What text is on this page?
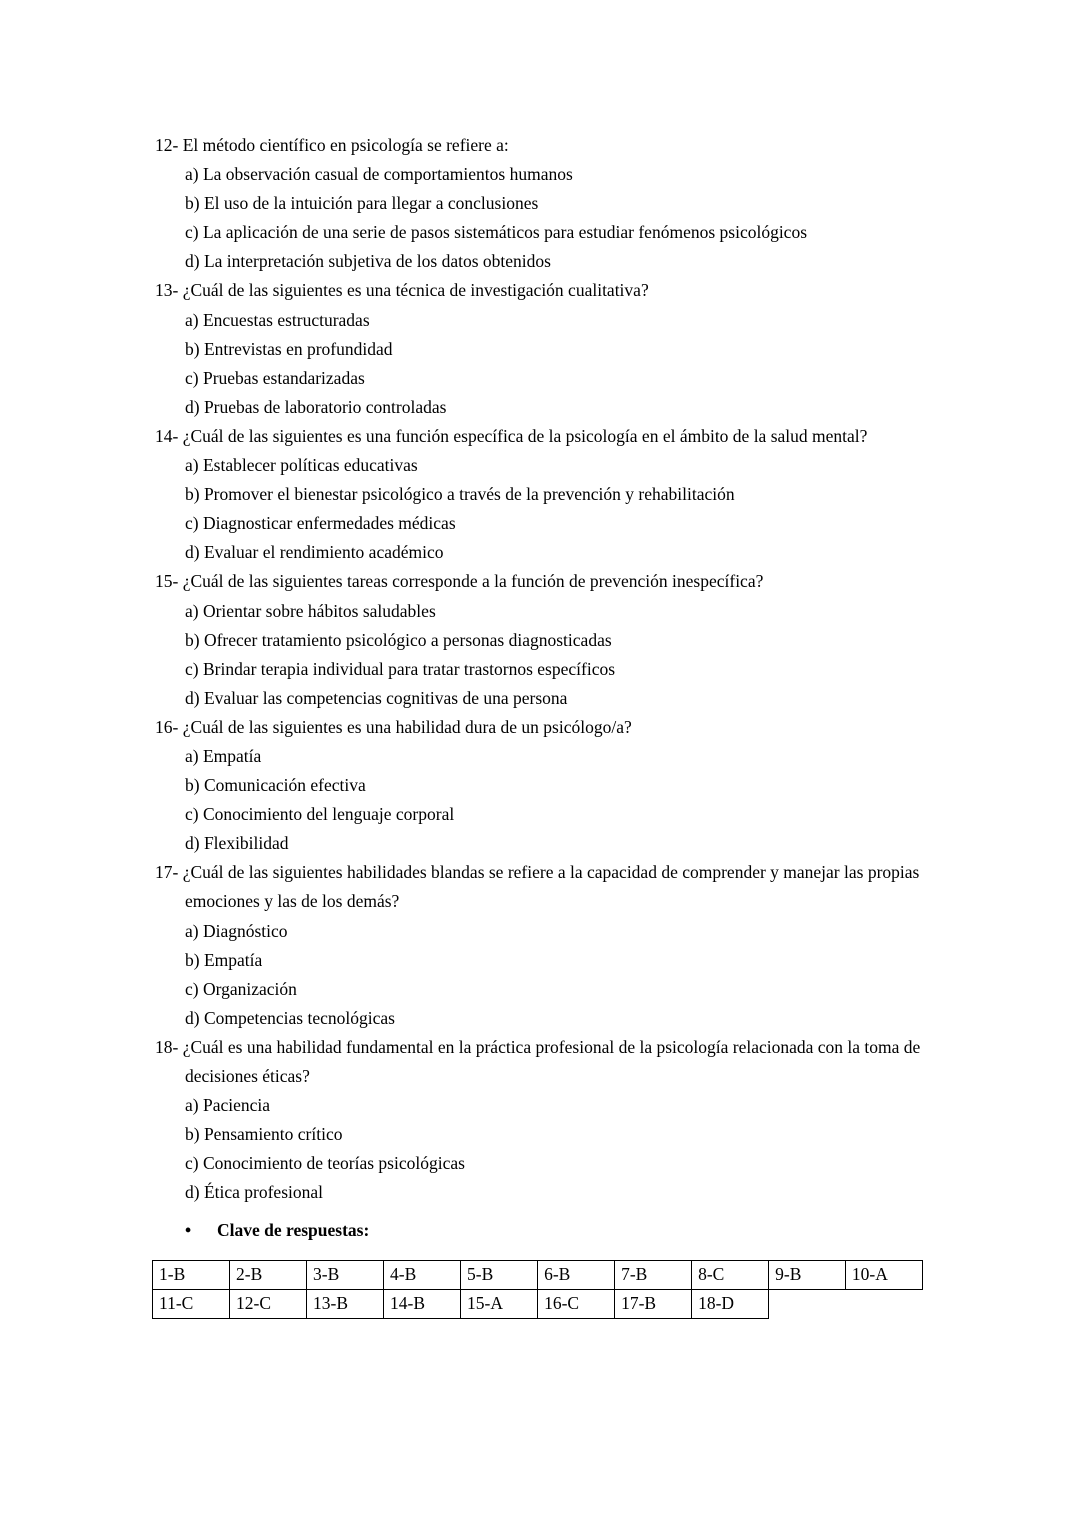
12- El método científico en psicología se refiere a:

a) La observación casual de comportamientos humanos

b) El uso de la intuición para llegar a conclusiones

c) La aplicación de una serie de pasos sistemáticos para estudiar fenómenos psicológicos

d) La interpretación subjetiva de los datos obtenidos

13- ¿Cuál de las siguientes es una técnica de investigación cualitativa?

a) Encuestas estructuradas

b) Entrevistas en profundidad

c) Pruebas estandarizadas

d) Pruebas de laboratorio controladas

14- ¿Cuál de las siguientes es una función específica de la psicología en el ámbito de la salud mental?

a) Establecer políticas educativas

b) Promover el bienestar psicológico a través de la prevención y rehabilitación

c) Diagnosticar enfermedades médicas

d) Evaluar el rendimiento académico

15- ¿Cuál de las siguientes tareas corresponde a la función de prevención inespecífica?

a) Orientar sobre hábitos saludables

b) Ofrecer tratamiento psicológico a personas diagnosticadas

c) Brindar terapia individual para tratar trastornos específicos

d) Evaluar las competencias cognitivas de una persona

16- ¿Cuál de las siguientes es una habilidad dura de un psicólogo/a?

a) Empatía

b) Comunicación efectiva

c) Conocimiento del lenguaje corporal

d) Flexibilidad

17- ¿Cuál de las siguientes habilidades blandas se refiere a la capacidad de comprender y manejar las propias emociones y las de los demás?

a) Diagnóstico

b) Empatía

c) Organización

d) Competencias tecnológicas

18- ¿Cuál es una habilidad fundamental en la práctica profesional de la psicología relacionada con la toma de decisiones éticas?

a) Paciencia

b) Pensamiento crítico

c) Conocimiento de teorías psicológicas

d) Ética profesional

• Clave de respuestas:

1-B	2-B	3-B	4-B	5-B	6-B	7-B	8-C	9-B	10-A
11-C	12-C	13-B	14-B	15-A	16-C	17-B	18-D		
